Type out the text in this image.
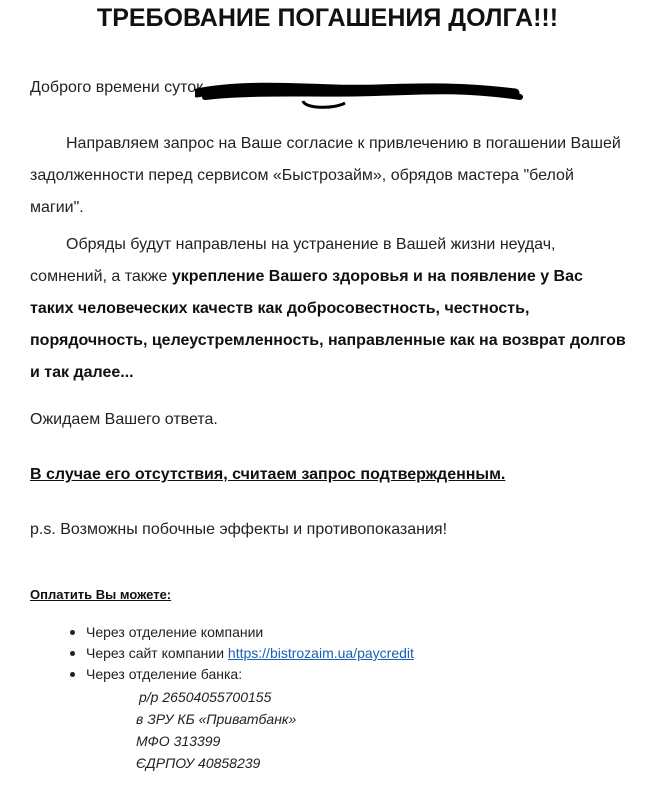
ТРЕБОВАНИЕ ПОГАШЕНИЯ ДОЛГА!!!
Доброго времени суток,
Направляем запрос на Ваше согласие к привлечению в погашении Вашей задолженности перед сервисом «Быстрозайм», обрядов мастера "белой магии".
Обряды будут направлены на устранение в Вашей жизни неудач, сомнений, а также укрепление Вашего здоровья и на появление у Вас таких человеческих качеств как добросовестность, честность, порядочность, целеустремленность, направленные как на возврат долгов и так далее...
Ожидаем Вашего ответа.
В случае его отсутствия, считаем запрос подтвержденным.
p.s. Возможны побочные эффекты и противопоказания!
Оплатить Вы можете:
Через отделение компании
Через сайт компании https://bistrozaim.ua/paycredit
Через отделение банка:
р/р 26504055700155
в ЗРУ КБ «Приватбанк»
МФО 313399
ЄДРПОУ 40858239
